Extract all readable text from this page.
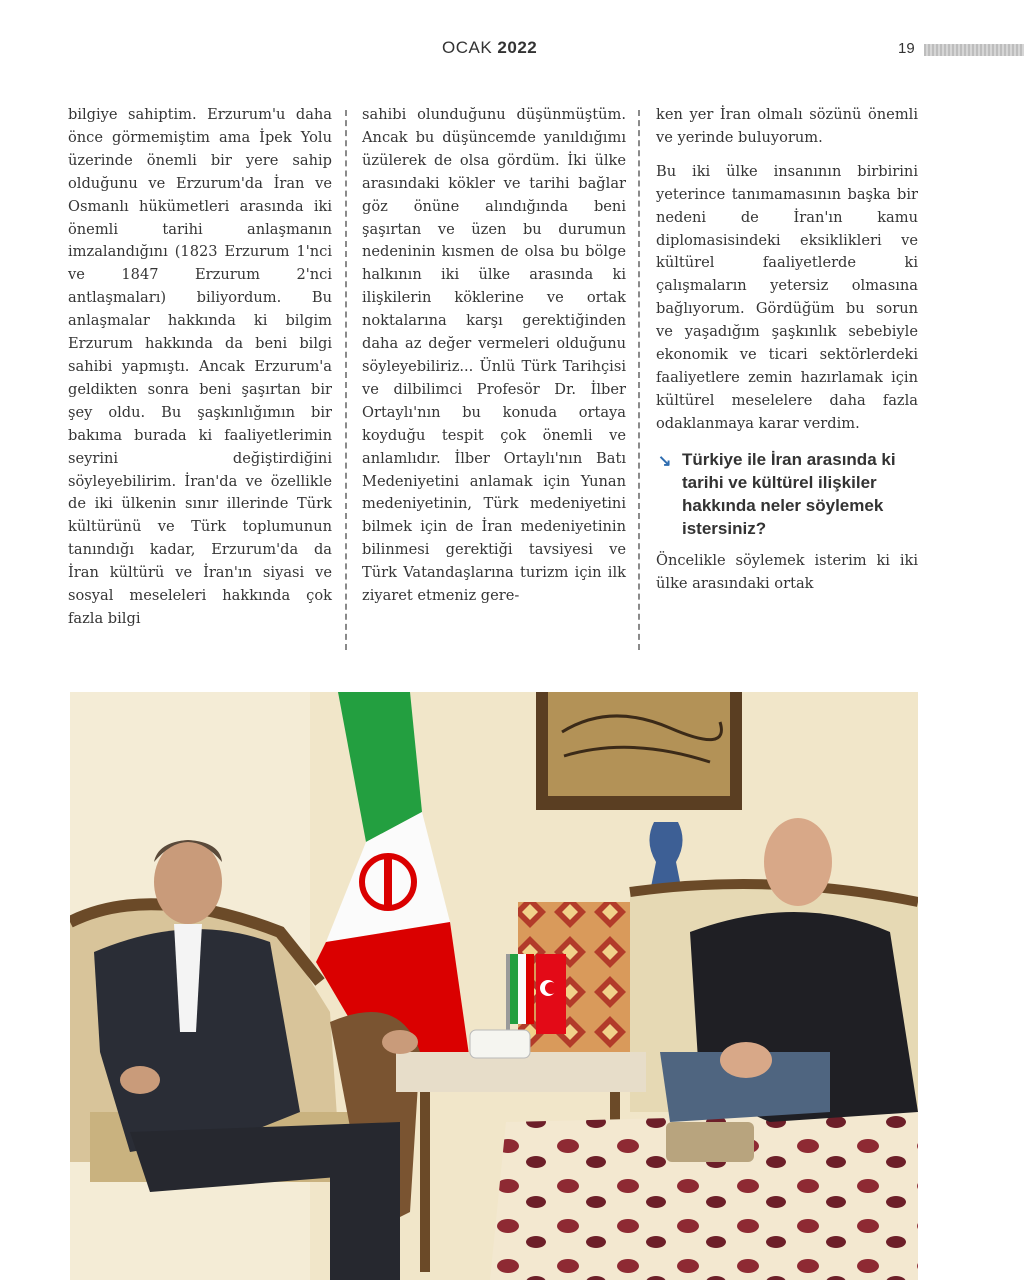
OCAK 2022	19

bilgiye sahiptim. Erzurum'u daha önce görmemiştim ama İpek Yolu üzerinde önemli bir yere sahip olduğunu ve Erzurum'da İran ve Osmanlı hükümetleri arasında iki önemli tarihi anlaşmanın imzalandığını (1823 Erzurum 1'nci ve 1847 Erzurum 2'nci antlaşmaları) biliyordum. Bu anlaşmalar hakkında ki bilgim Erzurum hakkında da beni bilgi sahibi yapmıştı. Ancak Erzurum'a geldikten sonra beni şaşırtan bir şey oldu. Bu şaşkınlığımın bir bakıma burada ki faaliyetlerimin seyrini değiştirdiğini söyleyebilirim. İran'da ve özellikle de iki ülkenin sınır illerinde Türk kültürünü ve Türk toplumunun tanındığı kadar, Erzurum'da da İran kültürü ve İran'ın siyasi ve sosyal meseleleri hakkında çok fazla bilgi

sahibi olunduğunu düşünmüştüm. Ancak bu düşüncemde yanıldığımı üzülerek de olsa gördüm. İki ülke arasındaki kökler ve tarihi bağlar göz önüne alındığında beni şaşırtan ve üzen bu durumun nedeninin kısmen de olsa bu bölge halkının iki ülke arasında ki ilişkilerin köklerine ve ortak noktalarına karşı gerektiğinden daha az değer vermeleri olduğunu söyleyebiliriz... Ünlü Türk Tarihçisi ve dilbilimci Profesör Dr. İlber Ortaylı'nın bu konuda ortaya koyduğu tespit çok önemli ve anlamlıdır. İlber Ortaylı'nın Batı Medeniyetini anlamak için Yunan medeniyetinin, Türk medeniyetini bilmek için de İran medeniyetinin bilinmesi gerektiği tavsiyesi ve Türk Vatandaşlarına turizm için ilk ziyaret etmeniz gere-

ken yer İran olmalı sözünü önemli ve yerinde buluyorum.

Bu iki ülke insanının birbirini yeterince tanımamasının başka bir nedeni de İran'ın kamu diplomasisindeki eksiklikleri ve kültürel faaliyetlerde ki çalışmaların yetersiz olmasına bağlıyorum. Gördüğüm bu sorun ve yaşadığım şaşkınlık sebebiyle ekonomik ve ticari sektörlerdeki faaliyetlere zemin hazırlamak için kültürel meselelere daha fazla odaklanmaya karar verdim.

↘ Türkiye ile İran arasında ki tarihi ve kültürel ilişkiler hakkında neler söylemek istersiniz?

Öncelikle söylemek isterim ki iki ülke arasındaki ortak
